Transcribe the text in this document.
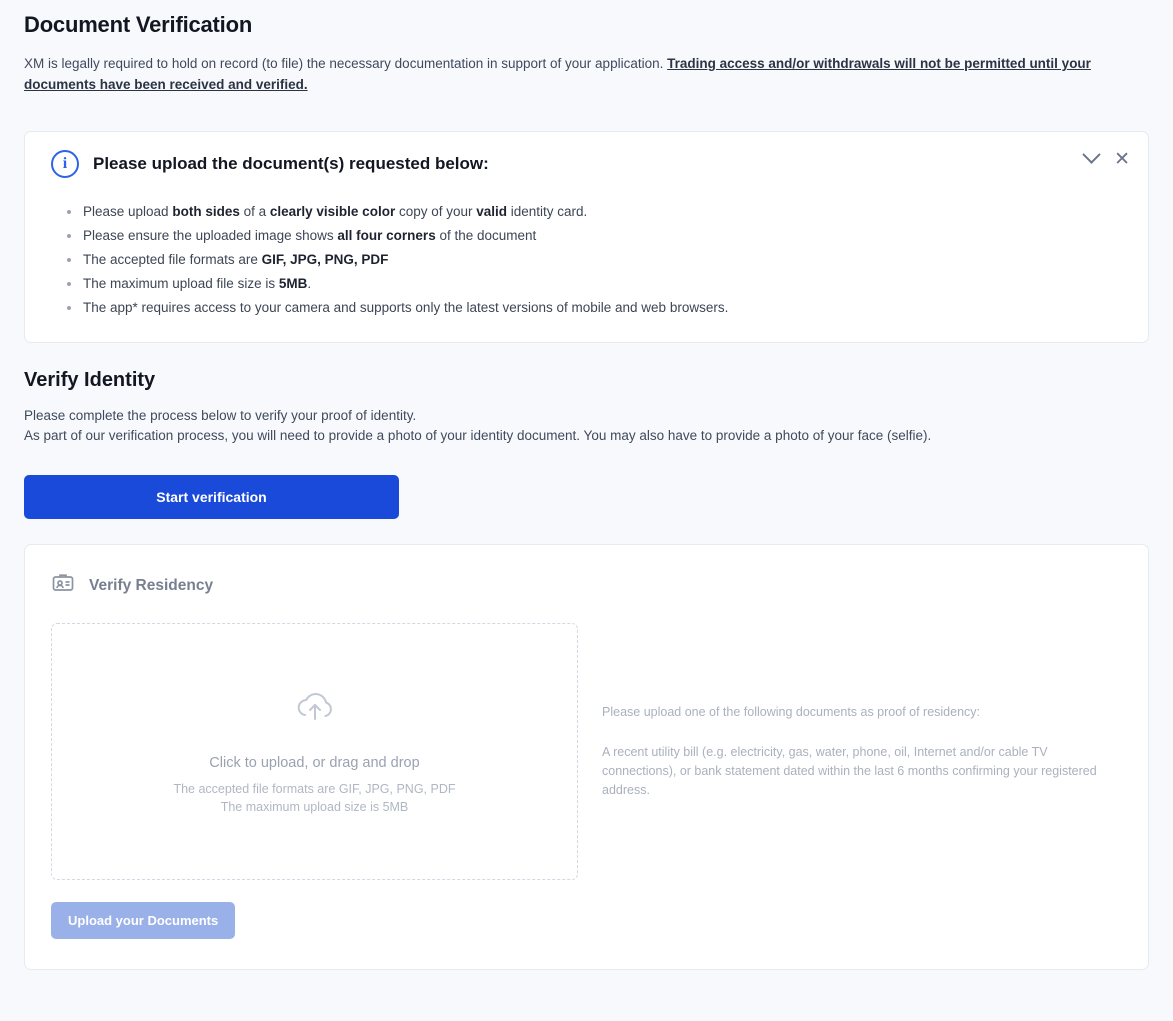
Document Verification

XM is legally required to hold on record (to file) the necessary documentation in support of your application. Trading access and/or withdrawals will not be permitted until your documents have been received and verified.

✕
i	Please upload the document(s) requested below:
Please upload both sides of a clearly visible color copy of your valid identity card.
Please ensure the uploaded image shows all four corners of the document
The accepted file formats are GIF, JPG, PNG, PDF
The maximum upload file size is 5MB.
The app* requires access to your camera and supports only the latest versions of mobile and web browsers.
Verify Identity
Please complete the process below to verify your proof of identity.
As part of our verification process, you will need to provide a photo of your identity document. You may also have to provide a photo of your face (selfie).
Start verification
Verify Residency
Click to upload, or drag and drop
The accepted file formats are GIF, JPG, PNG, PDF
The maximum upload size is 5MB

Please upload one of the following documents as proof of residency:

A recent utility bill (e.g. electricity, gas, water, phone, oil, Internet and/or cable TV connections), or bank statement dated within the last 6 months confirming your registered address.

Upload your Documents
